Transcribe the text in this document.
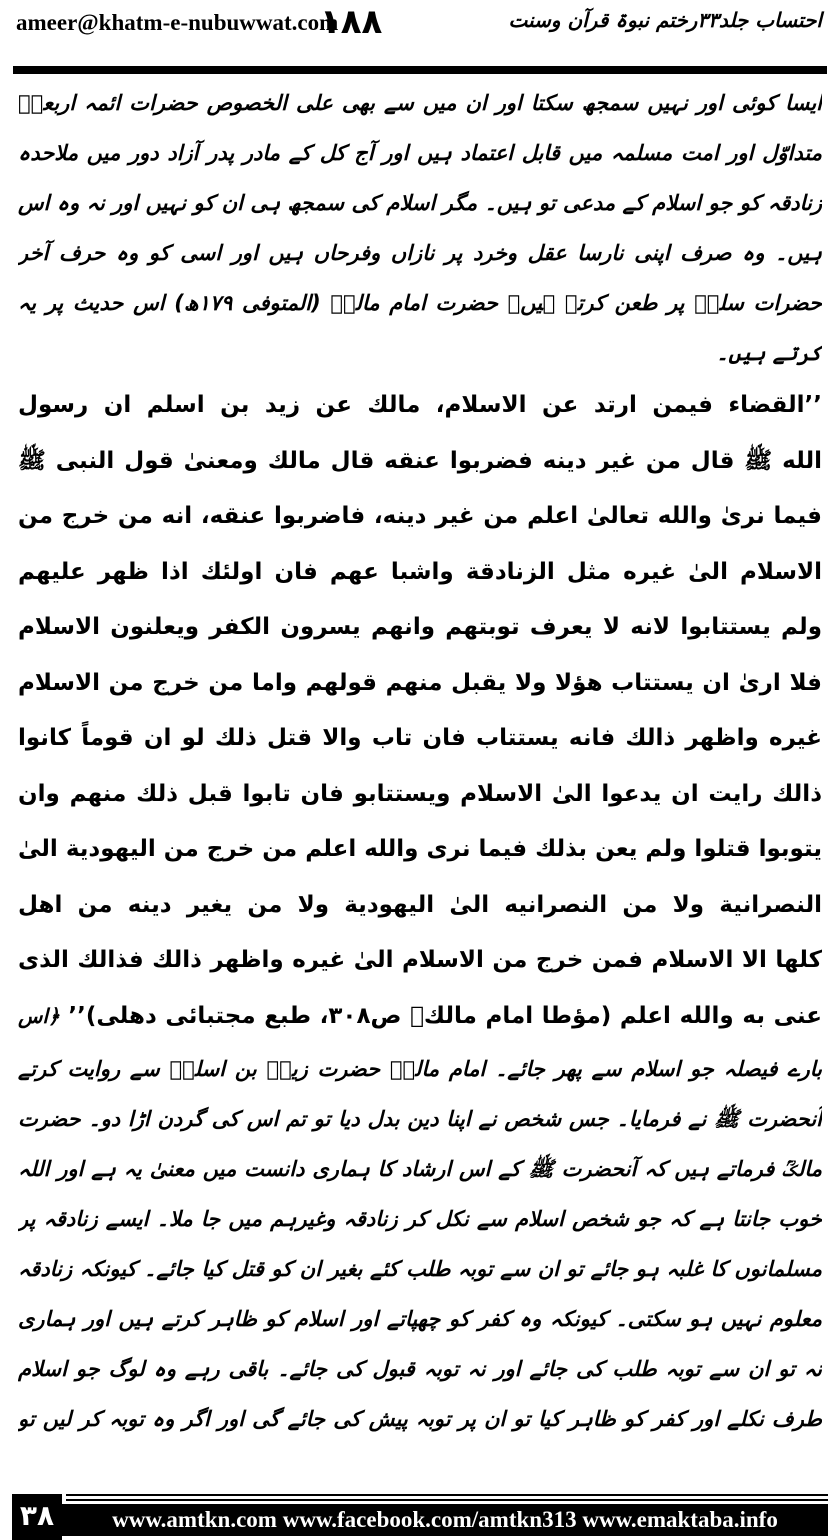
ameer@khatm-e-nubuwwat.com
۱۸۸	احتساب جلد۳۳رختم نبوۃ قرآن وسنت
ایسا کوئی اور نہیں سمجھ سکتا اور ان میں سے بھی علی الخصوص حضرات ائمہ اربعہؒ
متداوّل اور امت مسلمہ میں قابل اعتماد ہیں اور آج کل کے مادر پدر آزاد دور میں ملاحدہ
زنادقہ کو جو اسلام کے مدعی تو ہیں۔ مگر اسلام کی سمجھ ہی ان کو نہیں اور نہ وہ اس
ہیں۔ وہ صرف اپنی نارسا عقل وخرد پر نازاں وفرحاں ہیں اور اسی کو وہ حرف آخر
حضرات سلفؒ پر طعن کرتے ہیں۔ حضرت امام مالکؒ (المتوفی ۱۷۹ھ) اس حدیث پر یہ
کرتے ہیں۔
’’القضاء فيمن ارتد عن الاسلام، مالك عن زيد بن اسلم ان رسول
الله ﷺ قال من غير دينه فضربوا عنقه قال مالك ومعنىٰ قول النبى ﷺ
فيما نرىٰ والله تعالىٰ اعلم من غير دينه، فاضربوا عنقه، انه من خرج من
الاسلام الىٰ غيره مثل الزنادقة واشبا عهم فان اولئك اذا ظهر عليهم
ولم يستتابوا لانه لا يعرف توبتهم وانهم يسرون الكفر ويعلنون الاسلام
فلا ارىٰ ان يستتاب هؤلا ولا يقبل منهم قولهم واما من خرج من الاسلام
غيره واظهر ذالك فانه يستتاب فان تاب والا قتل ذلك لو ان قوماً كانوا
ذالك رايت ان يدعوا الىٰ الاسلام ويستتابو فان تابوا قبل ذلك منهم وان
يتوبوا قتلوا ولم يعن بذلك فيما نرى والله اعلم من خرج من اليهودية الىٰ
النصرانية ولا من النصرانيه الىٰ اليهودية ولا من يغير دينه من اهل
كلها الا الاسلام فمن خرج من الاسلام الىٰ غيره واظهر ذالك فذالك الذى
عنى به والله اعلم (مؤطا امام مالكؒ ص۳۰۸، طبع مجتبائى دهلى)’’ ﴿اس
بارے فیصلہ جو اسلام سے پھر جائے۔ امام مالکؒ حضرت زیدؒ بن اسلمؒ سے روایت کرتے
آنحضرت ﷺ نے فرمایا۔ جس شخص نے اپنا دین بدل دیا تو تم اس کی گردن اڑا دو۔ حضرت
مالکؒ فرماتے ہیں کہ آنحضرت ﷺ کے اس ارشاد کا ہماری دانست میں معنیٰ یہ ہے اور اللہ
خوب جانتا ہے کہ جو شخص اسلام سے نکل کر زنادقہ وغیرہم میں جا ملا۔ ایسے زنادقہ پر
مسلمانوں کا غلبہ ہو جائے تو ان سے توبہ طلب کئے بغیر ان کو قتل کیا جائے۔ کیونکہ زنادقہ
معلوم نہیں ہو سکتی۔ کیونکہ وہ کفر کو چھپاتے اور اسلام کو ظاہر کرتے ہیں اور ہماری
نہ تو ان سے توبہ طلب کی جائے اور نہ توبہ قبول کی جائے۔ باقی رہے وہ لوگ جو اسلام
طرف نکلے اور کفر کو ظاہر کیا تو ان پر توبہ پیش کی جائے گی اور اگر وہ توبہ کر لیں تو
۳۸	www.amtkn.com www.facebook.com/amtkn313 www.emaktaba.info
